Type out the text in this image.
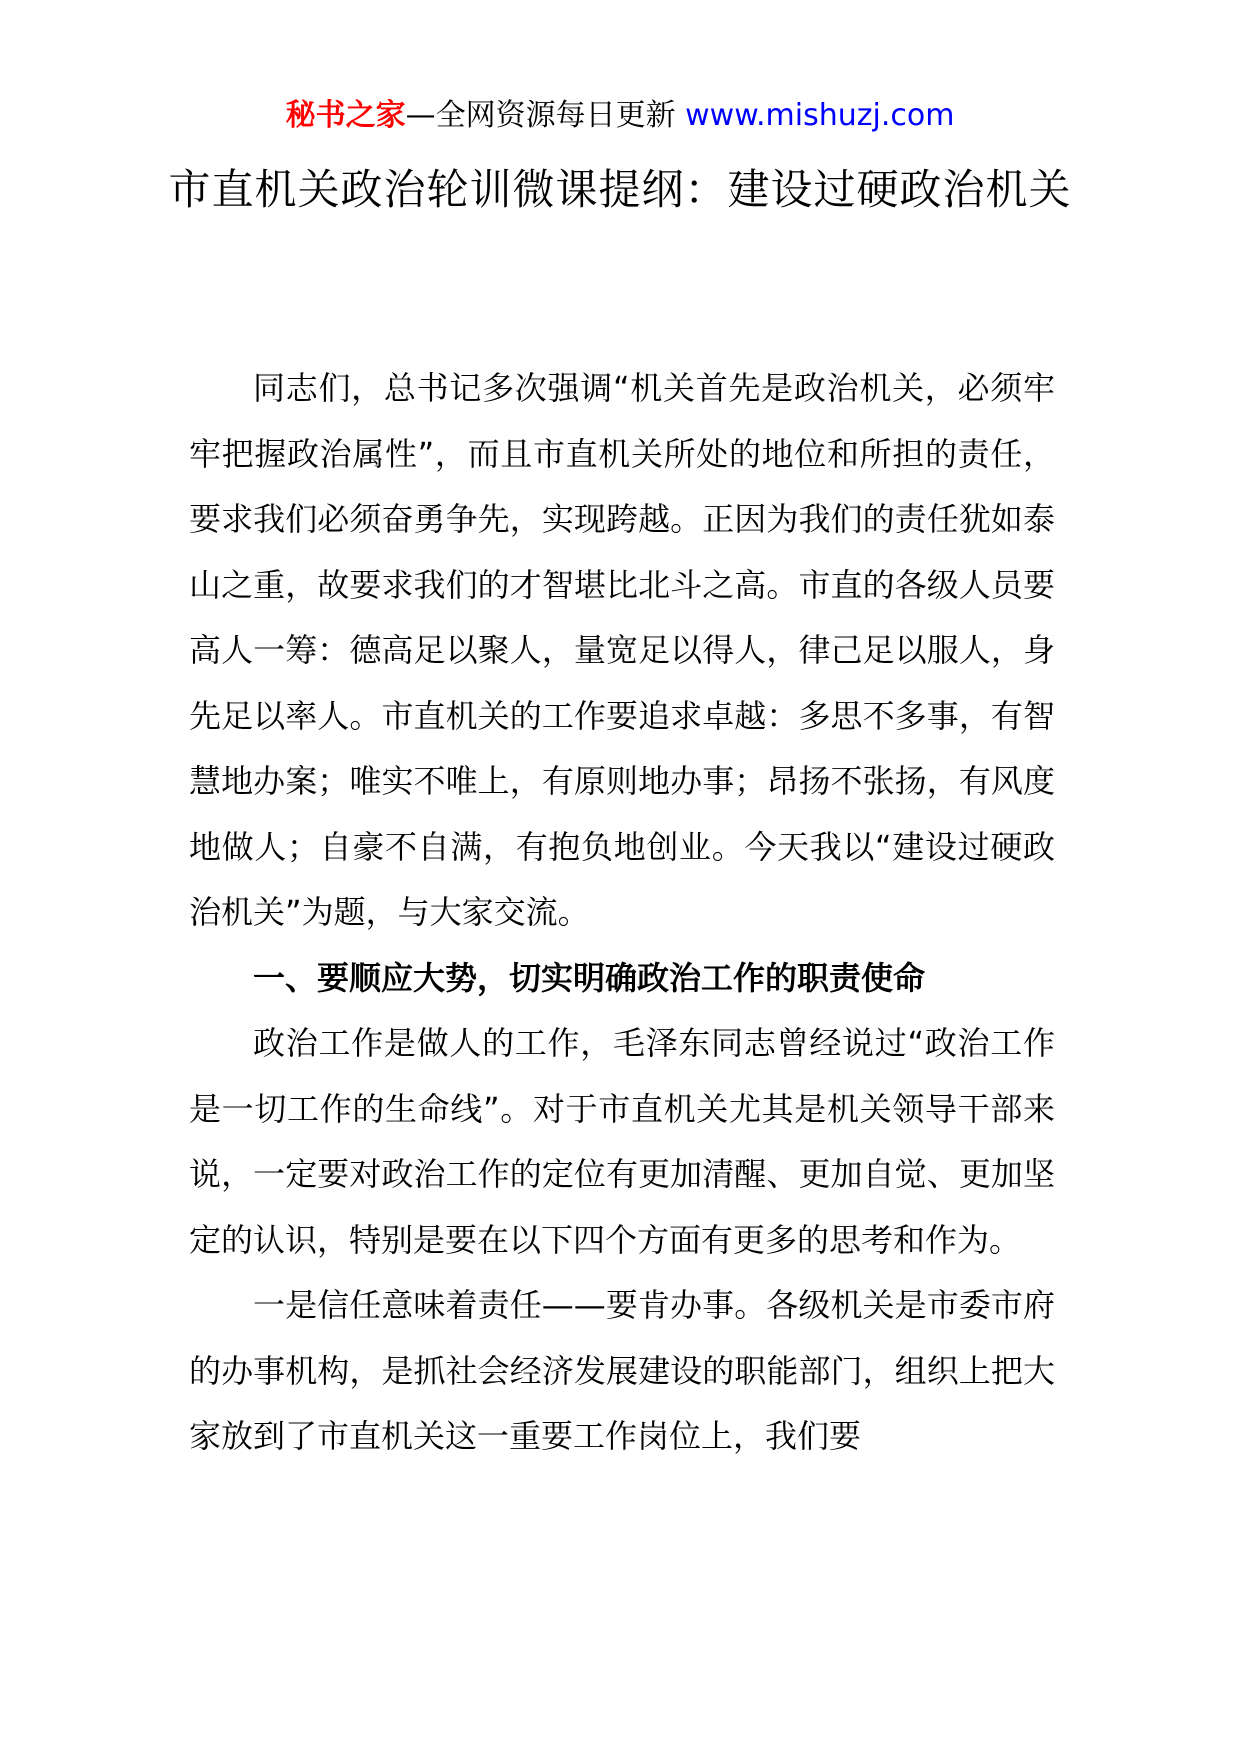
秘书之家—全网资源每日更新 www.mishuzj.com
市直机关政治轮训微课提纲：建设过硬政治机关

同志们，总书记多次强调“机关首先是政治机关，必须牢牢把握政治属性”，而且市直机关所处的地位和所担的责任，要求我们必须奋勇争先，实现跨越。正因为我们的责任犹如泰山之重，故要求我们的才智堪比北斗之高。市直的各级人员要高人一筹：德高足以聚人，量宽足以得人，律己足以服人，身先足以率人。市直机关的工作要追求卓越：多思不多事，有智慧地办案；唯实不唯上，有原则地办事；昂扬不张扬，有风度地做人；自豪不自满，有抱负地创业。今天我以“建设过硬政治机关”为题，与大家交流。

一、要顺应大势，切实明确政治工作的职责使命

政治工作是做人的工作，毛泽东同志曾经说过“政治工作是一切工作的生命线”。对于市直机关尤其是机关领导干部来说，一定要对政治工作的定位有更加清醒、更加自觉、更加坚定的认识，特别是要在以下四个方面有更多的思考和作为。

一是信任意味着责任——要肯办事。各级机关是市委市府的办事机构，是抓社会经济发展建设的职能部门，组织上把大家放到了市直机关这一重要工作岗位上，我们要
